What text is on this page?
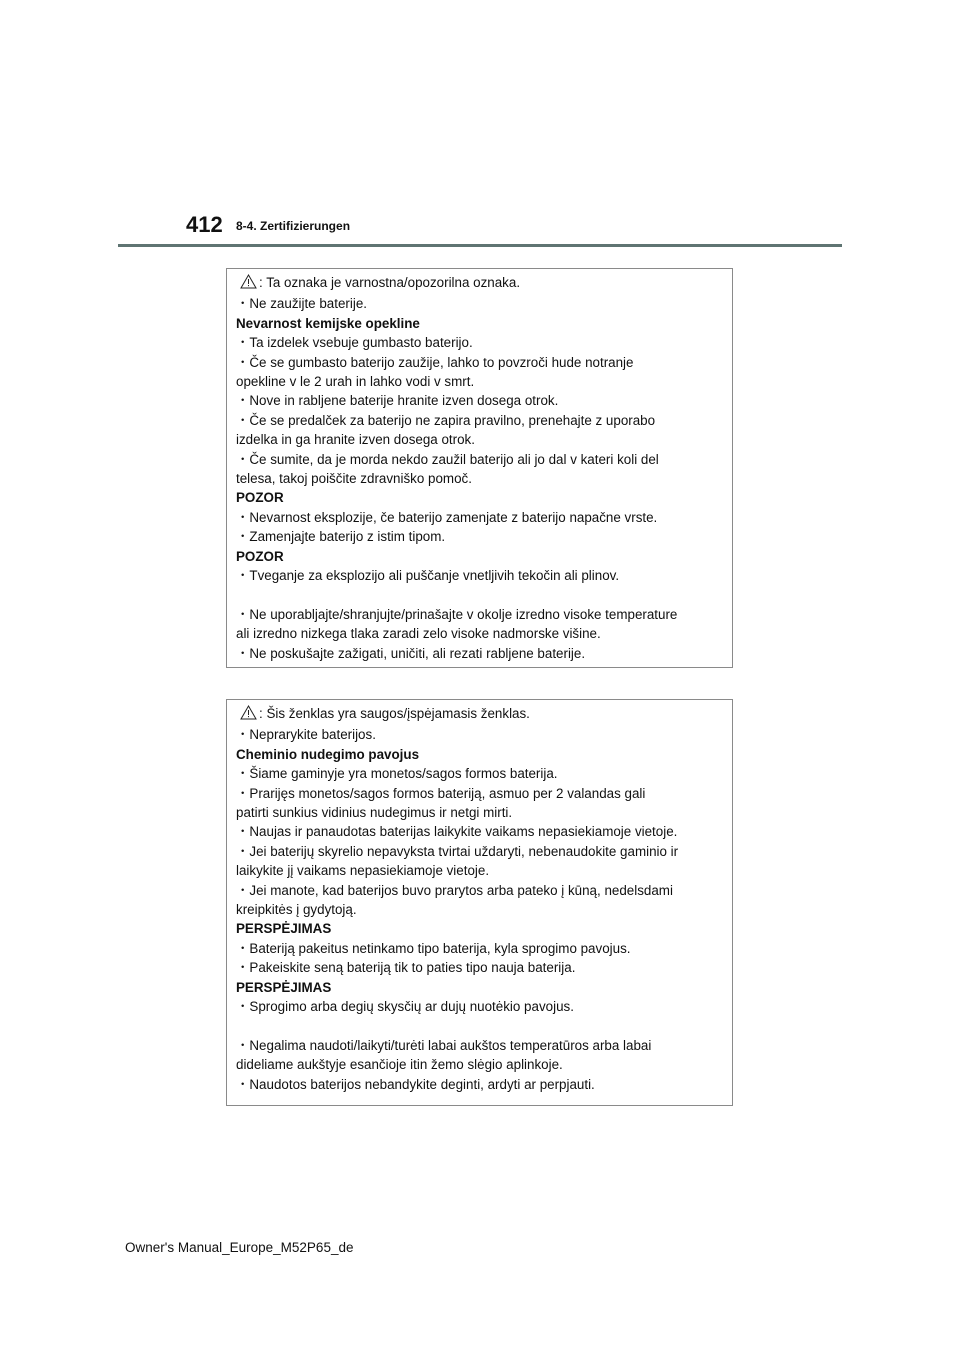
412 8-4. Zertifizierungen
: Ta oznaka je varnostna/opozorilna oznaka.
・Ne zaužijte baterije.
Nevarnost kemijske opekline
・Ta izdelek vsebuje gumbasto baterijo.
・Če se gumbasto baterijo zaužije, lahko to povzroči hude notranje
opekline v le 2 urah in lahko vodi v smrt.
・Nove in rabljene baterije hranite izven dosega otrok.
・Če se predalček za baterijo ne zapira pravilno, prenehajte z uporabo
izdelka in ga hranite izven dosega otrok.
・Če sumite, da je morda nekdo zaužil baterijo ali jo dal v kateri koli del
telesa, takoj poiščite zdravniško pomoč.
POZOR
・Nevarnost eksplozije, če baterijo zamenjate z baterijo napačne vrste.
・Zamenjajte baterijo z istim tipom.
POZOR
・Tveganje za eksplozijo ali puščanje vnetljivih tekočin ali plinov.
・Ne uporabljajte/shranjujte/prinašajte v okolje izredno visoke temperature
ali izredno nizkega tlaka zaradi zelo visoke nadmorske višine.
・Ne poskušajte zažigati, uničiti, ali rezati rabljene baterije.
: Šis ženklas yra saugos/įspėjamasis ženklas.
・Neprarykite baterijos.
Cheminio nudegimo pavojus
・Šiame gaminyje yra monetos/sagos formos baterija.
・Prarijęs monetos/sagos formos bateriją, asmuo per 2 valandas gali
patirti sunkius vidinius nudegimus ir netgi mirti.
・Naujas ir panaudotas baterijas laikykite vaikams nepasiekiamoje vietoje.
・Jei baterijų skyrelio nepavyksta tvirtai uždaryti, nebenaudokite gaminio ir
laikykite jį vaikams nepasiekiamoje vietoje.
・Jei manote, kad baterijos buvo prarytos arba pateko į kūną, nedelsdami
kreipkitės į gydytoją.
PERSPĖJIMAS
・Bateriją pakeitus netinkamo tipo baterija, kyla sprogimo pavojus.
・Pakeiskite seną bateriją tik to paties tipo nauja baterija.
PERSPĖJIMAS
・Sprogimo arba degių skysčių ar dujų nuotėkio pavojus.
・Negalima naudoti/laikyti/turėti labai aukštos temperatūros arba labai
dideliame aukštyje esančioje itin žemo slėgio aplinkoje.
・Naudotos baterijos nebandykite deginti, ardyti ar perpjauti.
Owner's Manual_Europe_M52P65_de
